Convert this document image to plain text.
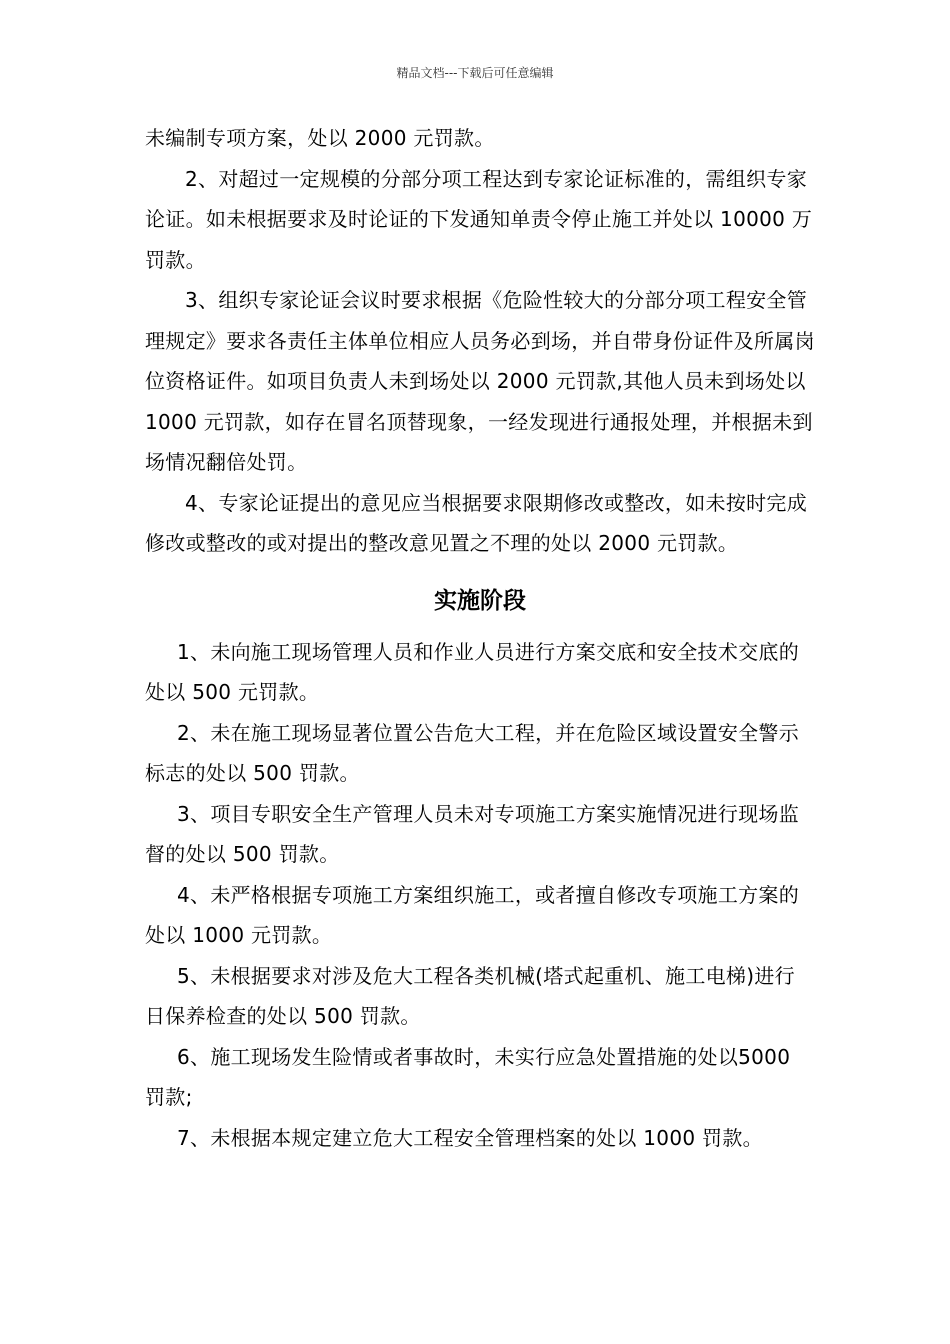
精品文档---下载后可任意编辑

未编制专项方案，处以 2000 元罚款。

2、对超过一定规模的分部分项工程达到专家论证标准的，需组织专家论证。如未根据要求及时论证的下发通知单责令停止施工并处以 10000 万罚款。

3、组织专家论证会议时要求根据《危险性较大的分部分项工程安全管理规定》要求各责任主体单位相应人员务必到场，并自带身份证件及所属岗位资格证件。如项目负责人未到场处以 2000 元罚款,其他人员未到场处以 1000 元罚款，如存在冒名顶替现象，一经发现进行通报处理，并根据未到场情况翻倍处罚。

4、专家论证提出的意见应当根据要求限期修改或整改，如未按时完成修改或整改的或对提出的整改意见置之不理的处以 2000 元罚款。

实施阶段

1、未向施工现场管理人员和作业人员进行方案交底和安全技术交底的处以 500 元罚款。

2、未在施工现场显著位置公告危大工程，并在危险区域设置安全警示标志的处以 500 罚款。

3、项目专职安全生产管理人员未对专项施工方案实施情况进行现场监督的处以 500 罚款。

4、未严格根据专项施工方案组织施工，或者擅自修改专项施工方案的处以 1000 元罚款。

5、未根据要求对涉及危大工程各类机械(塔式起重机、施工电梯)进行日保养检查的处以 500 罚款。

6、施工现场发生险情或者事故时，未实行应急处置措施的处以5000 罚款;

7、未根据本规定建立危大工程安全管理档案的处以 1000 罚款。
